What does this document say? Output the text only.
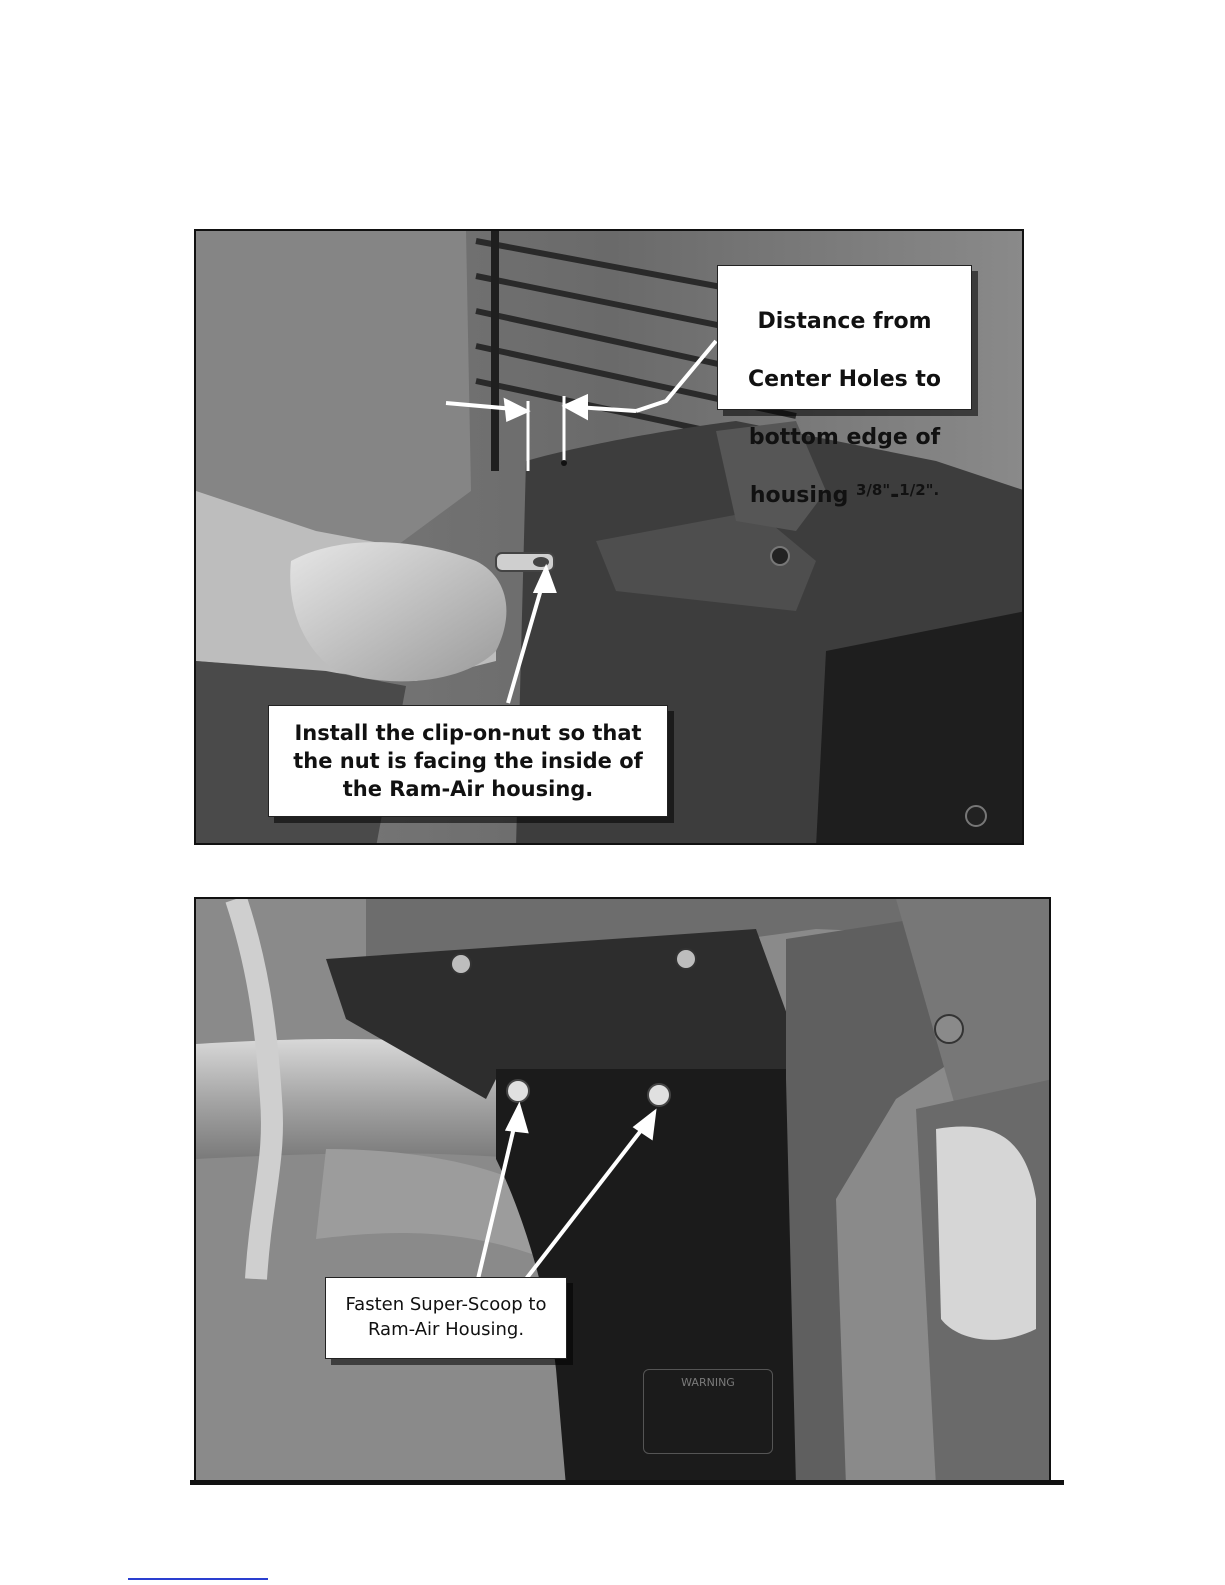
Distance from

Center Holes to

bottom edge of

housing $^{3/8"}$-$^{1/2".}$

Install the clip-on-nut so that
the nut is facing the inside of
the Ram-Air housing.
WARNING
Fasten Super-Scoop to
Ram-Air Housing.
